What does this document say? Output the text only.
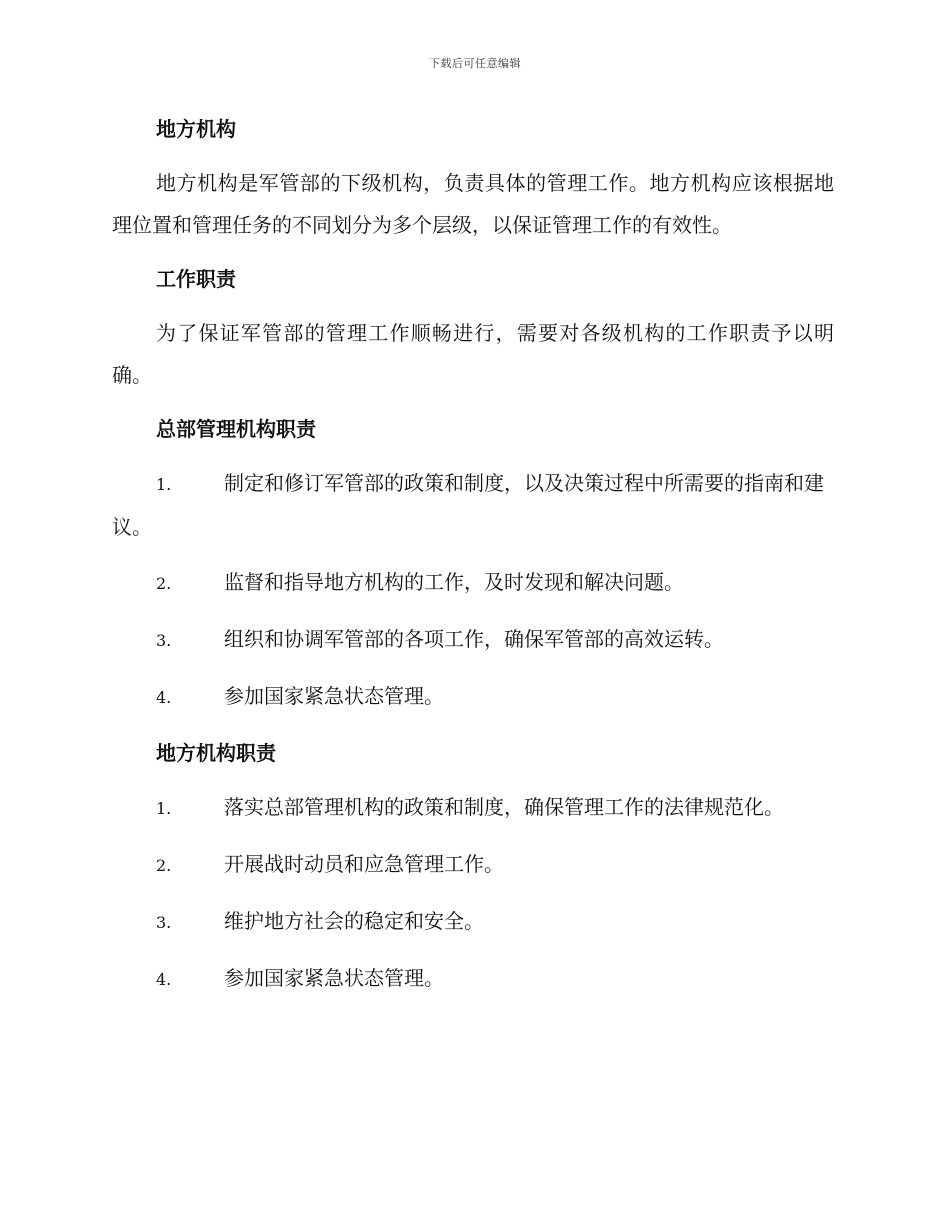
下载后可任意编辑
地方机构
地方机构是军管部的下级机构，负责具体的管理工作。地方机构应该根据地理位置和管理任务的不同划分为多个层级，以保证管理工作的有效性。
工作职责
为了保证军管部的管理工作顺畅进行，需要对各级机构的工作职责予以明确。
总部管理机构职责
1.	制定和修订军管部的政策和制度，以及决策过程中所需要的指南和建议。
2.	监督和指导地方机构的工作，及时发现和解决问题。
3.	组织和协调军管部的各项工作，确保军管部的高效运转。
4.	参加国家紧急状态管理。
地方机构职责
1.	落实总部管理机构的政策和制度，确保管理工作的法律规范化。
2.	开展战时动员和应急管理工作。
3.	维护地方社会的稳定和安全。
4.	参加国家紧急状态管理。
